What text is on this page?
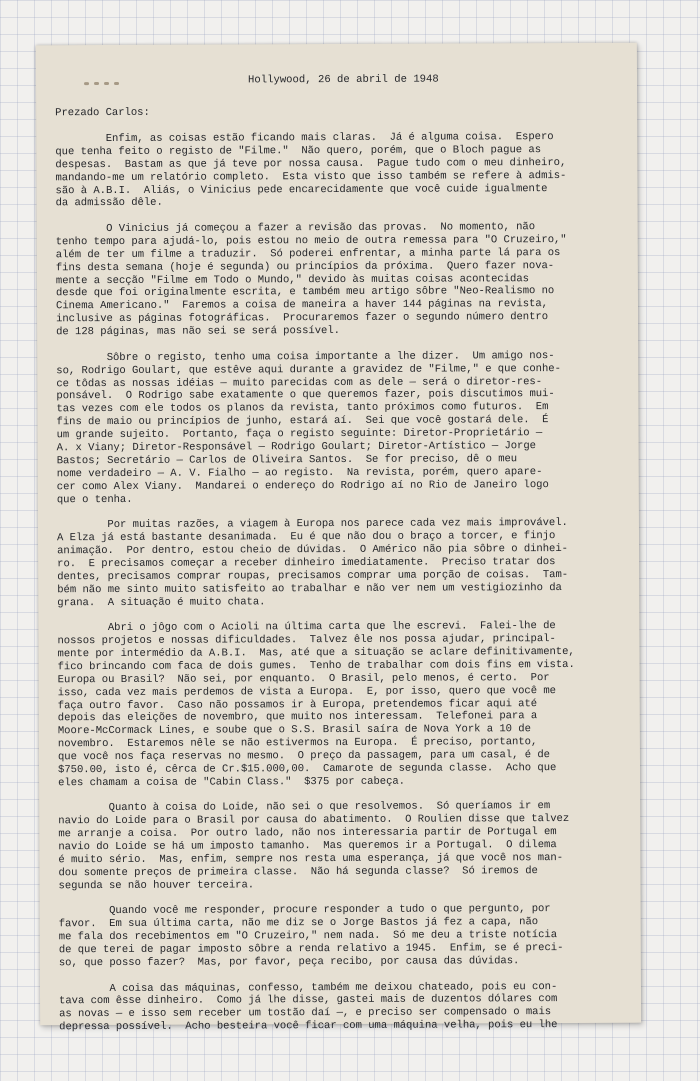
Hollywood, 26 de abril de 1948
Prezado Carlos:
Enfim, as coisas estão ficando mais claras.  Já é alguma coisa.  Espero
que tenha feito o registo de "Filme."  Não quero, porém, que o Bloch pague as
despesas.  Bastam as que já teve por nossa causa.  Pague tudo com o meu dinheiro,
mandando-me um relatório completo.  Esta visto que isso também se refere à admis-
são à A.B.I.  Aliás, o Vinicius pede encarecidamente que você cuide igualmente
da admissão dêle.
O Vinicius já começou a fazer a revisão das provas.  No momento, não
tenho tempo para ajudá-lo, pois estou no meio de outra remessa para "O Cruzeiro,"
além de ter um filme a traduzir.  Só poderei enfrentar, a minha parte lá para os
fins desta semana (hoje é segunda) ou princípios da próxima.  Quero fazer nova-
mente a secção "Filme em Todo o Mundo," devido às muitas coisas acontecidas
desde que foi originalmente escrita, e também meu artigo sôbre "Neo-Realismo no
Cinema Americano."  Faremos a coisa de maneira a haver 144 páginas na revista,
inclusive as páginas fotográficas.  Procuraremos fazer o segundo número dentro
de 128 páginas, mas não sei se será possível.
Sôbre o registo, tenho uma coisa importante a lhe dizer.  Um amigo nos-
so, Rodrigo Goulart, que estêve aqui durante a gravidez de "Filme," e que conhe-
ce tôdas as nossas idéias — muito parecidas com as dele — será o diretor-res-
ponsável.  O Rodrigo sabe exatamente o que queremos fazer, pois discutimos mui-
tas vezes com ele todos os planos da revista, tanto próximos como futuros.  Em
fins de maio ou princípios de junho, estará aí.  Sei que você gostará dele.  É
um grande sujeito.  Portanto, faça o registo seguinte: Diretor-Proprietário —
A. x Viany; Diretor-Responsável — Rodrigo Goulart; Diretor-Artístico — Jorge
Bastos; Secretário — Carlos de Oliveira Santos.  Se for preciso, dê o meu
nome verdadeiro — A. V. Fialho — ao registo.  Na revista, porém, quero apare-
cer como Alex Viany.  Mandarei o endereço do Rodrigo aí no Rio de Janeiro logo
que o tenha.
Por muitas razões, a viagem à Europa nos parece cada vez mais improvável.
A Elza já está bastante desanimada.  Eu é que não dou o braço a torcer, e finjo
animação.  Por dentro, estou cheio de dúvidas.  O Américo não pia sôbre o dinhei-
ro.  E precisamos começar a receber dinheiro imediatamente.  Preciso tratar dos
dentes, precisamos comprar roupas, precisamos comprar uma porção de coisas.  Tam-
bém não me sinto muito satisfeito ao trabalhar e não ver nem um vestigiozinho da
grana.  A situação é muito chata.
Abri o jôgo com o Acioli na última carta que lhe escrevi.  Falei-lhe de
nossos projetos e nossas dificuldades.  Talvez êle nos possa ajudar, principal-
mente por intermédio da A.B.I.  Mas, até que a situação se aclare definitivamente,
fico brincando com faca de dois gumes.  Tenho de trabalhar com dois fins em vista.
Europa ou Brasil?  Não sei, por enquanto.  O Brasil, pelo menos, é certo.  Por
isso, cada vez mais perdemos de vista a Europa.  E, por isso, quero que você me
faça outro favor.  Caso não possamos ir à Europa, pretendemos ficar aqui até
depois das eleições de novembro, que muito nos interessam.  Telefonei para a
Moore-McCormack Lines, e soube que o S.S. Brasil saíra de Nova York a 10 de
novembro.  Estaremos nêle se não estivermos na Europa.  É preciso, portanto,
que você nos faça reservas no mesmo.  O preço da passagem, para um casal, é de
$750.00, isto é, cêrca de Cr.$15.000,00.  Camarote de segunda classe.  Acho que
eles chamam a coisa de "Cabin Class."  $375 por cabeça.
Quanto à coisa do Loide, não sei o que resolvemos.  Só queríamos ir em
navio do Loide para o Brasil por causa do abatimento.  O Roulien disse que talvez
me arranje a coisa.  Por outro lado, não nos interessaria partir de Portugal em
navio do Loide se há um imposto tamanho.  Mas queremos ir a Portugal.  O dilema
é muito sério.  Mas, enfim, sempre nos resta uma esperança, já que você nos man-
dou somente preços de primeira classe.  Não há segunda classe?  Só iremos de
segunda se não houver terceira.
Quando você me responder, procure responder a tudo o que pergunto, por
favor.  Em sua última carta, não me diz se o Jorge Bastos já fez a capa, não
me fala dos recebimentos em "O Cruzeiro," nem nada.  Só me deu a triste notícia
de que terei de pagar imposto sôbre a renda relativo a 1945.  Enfim, se é preci-
so, que posso fazer?  Mas, por favor, peça recibo, por causa das dúvidas.
A coisa das máquinas, confesso, também me deixou chateado, pois eu con-
tava com êsse dinheiro.  Como já lhe disse, gastei mais de duzentos dólares com
as novas — e isso sem receber um tostão daí —, e preciso ser compensado o mais
depressa possível.  Acho besteira você ficar com uma máquina velha, pois eu lhe
